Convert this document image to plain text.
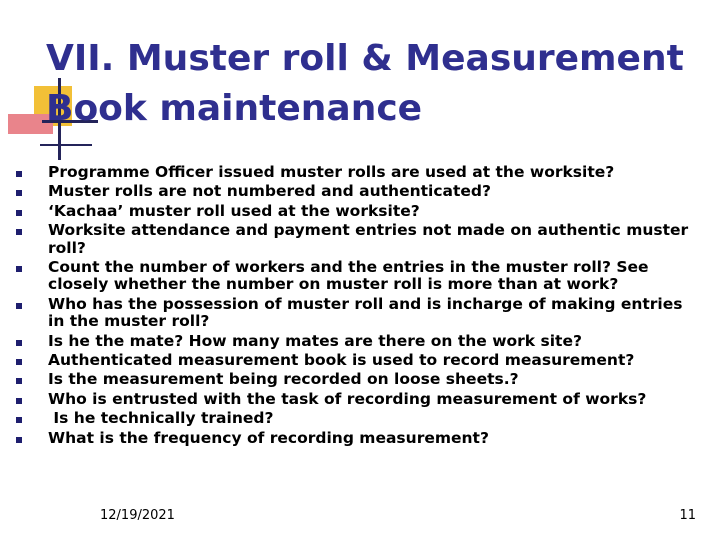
VII. Muster roll & Measurement
Book maintenance
Programme Officer issued muster rolls are used at the worksite?
Muster rolls are not numbered and authenticated?
‘Kachaa’ muster roll used at the worksite?
Worksite attendance and payment entries not made on authentic muster roll?
Count the number of workers and the entries in the muster roll? See closely whether the number on muster roll is more than at work?
Who has the possession of muster roll and is incharge of making entries in the muster roll?
Is he the mate? How many mates are there on the work site?
Authenticated measurement book is used to record measurement?
Is the measurement being recorded on loose sheets.?
Who is entrusted with the task of recording measurement of works?
Is he technically trained?
What is the frequency of recording measurement?
12/19/2021	11
